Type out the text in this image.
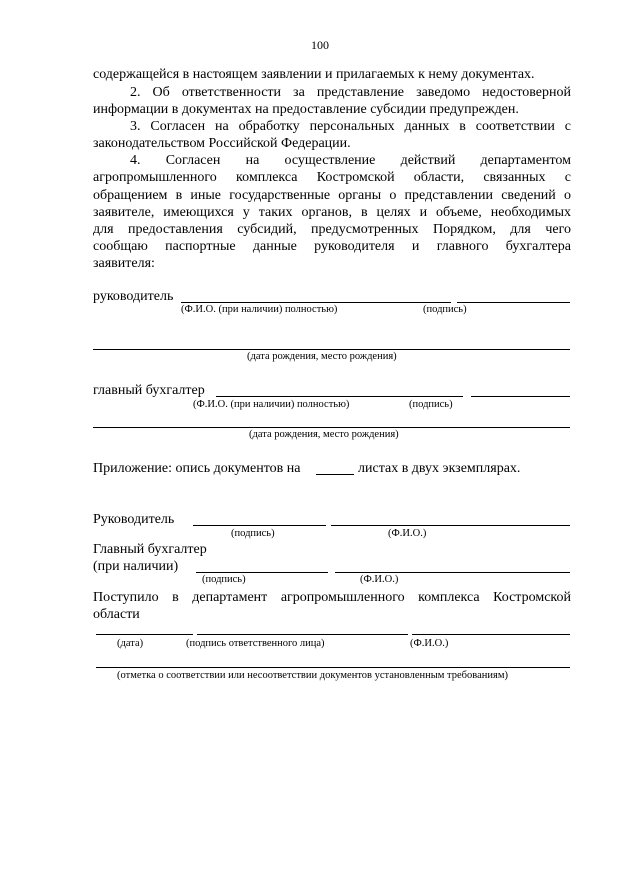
100
содержащейся в настоящем заявлении и прилагаемых к нему документах.
2. Об ответственности за представление заведомо недостоверной
информации в документах на предоставление субсидии предупрежден.
3. Согласен на обработку персональных данных в соответствии с
законодательством Российской Федерации.
4. Согласен на осуществление действий департаментом
агропромышленного комплекса Костромской области, связанных с
обращением в иные государственные органы о представлении сведений о
заявителе, имеющихся у таких органов, в целях и объеме, необходимых
для предоставления субсидий, предусмотренных Порядком, для чего
сообщаю паспортные данные руководителя и главного бухгалтера
заявителя:
руководитель
(Ф.И.О. (при наличии) полностью)	(подпись)
(дата рождения, место рождения)
главный бухгалтер
(Ф.И.О. (при наличии) полностью)	(подпись)
(дата рождения, место рождения)
Приложение: опись документов на	листах в двух экземплярах.
Руководитель
(подпись)	(Ф.И.О.)
Главный бухгалтер
(при наличии)
(подпись)	(Ф.И.О.)
Поступило в департамент агропромышленного комплекса Костромской
области
(дата)	(подпись ответственного лица)	(Ф.И.О.)
(отметка о соответствии или несоответствии документов установленным требованиям)
